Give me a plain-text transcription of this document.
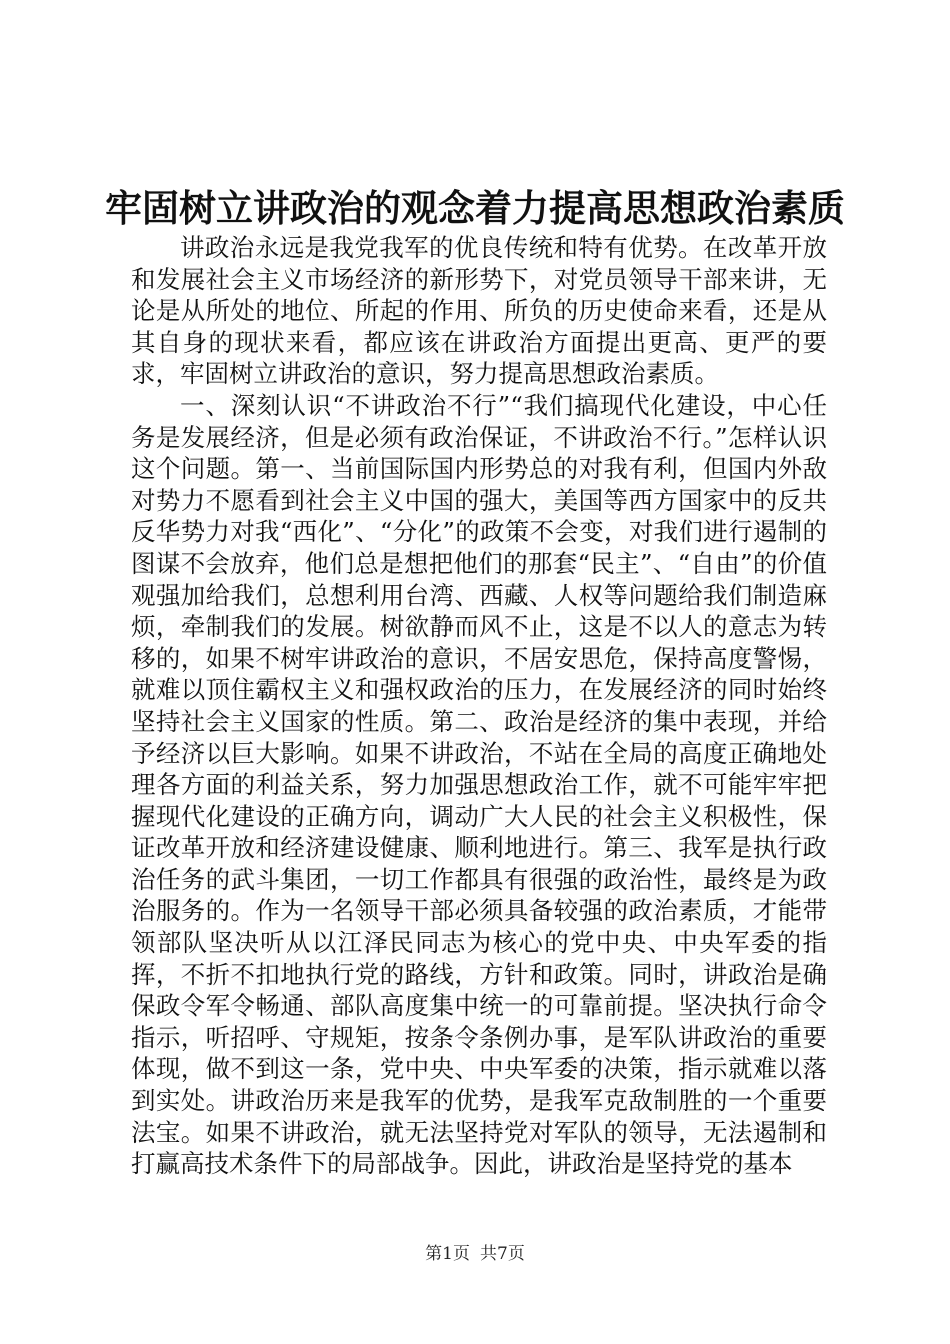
牢固树立讲政治的观念着力提高思想政治素质

讲政治永远是我党我军的优良传统和特有优势。在改革开放和发展社会主义市场经济的新形势下，对党员领导干部来讲，无论是从所处的地位、所起的作用、所负的历史使命来看，还是从其自身的现状来看，都应该在讲政治方面提出更高、更严的要求，牢固树立讲政治的意识，努力提高思想政治素质。

一、深刻认识“不讲政治不行”“我们搞现代化建设，中心任务是发展经济，但是必须有政治保证，不讲政治不行。”怎样认识这个问题。第一、当前国际国内形势总的对我有利，但国内外敌对势力不愿看到社会主义中国的强大，美国等西方国家中的反共反华势力对我“西化”、“分化”的政策不会变，对我们进行遏制的图谋不会放弃，他们总是想把他们的那套“民主”、“自由”的价值观强加给我们，总想利用台湾、西藏、人权等问题给我们制造麻烦，牵制我们的发展。树欲静而风不止，这是不以人的意志为转移的，如果不树牢讲政治的意识，不居安思危，保持高度警惕，就难以顶住霸权主义和强权政治的压力，在发展经济的同时始终坚持社会主义国家的性质。第二、政治是经济的集中表现，并给予经济以巨大影响。如果不讲政治，不站在全局的高度正确地处理各方面的利益关系，努力加强思想政治工作，就不可能牢牢把握现代化建设的正确方向，调动广大人民的社会主义积极性，保证改革开放和经济建设健康、顺利地进行。第三、我军是执行政治任务的武斗集团，一切工作都具有很强的政治性，最终是为政治服务的。作为一名领导干部必须具备较强的政治素质，才能带领部队坚决听从以江泽民同志为核心的党中央、中央军委的指挥，不折不扣地执行党的路线，方针和政策。同时，讲政治是确保政令军令畅通、部队高度集中统一的可靠前提。坚决执行命令指示，听招呼、守规矩，按条令条例办事，是军队讲政治的重要体现，做不到这一条，党中央、中央军委的决策，指示就难以落到实处。讲政治历来是我军的优势，是我军克敌制胜的一个重要法宝。如果不讲政治，就无法坚持党对军队的领导，无法遏制和打赢高技术条件下的局部战争。因此，讲政治是坚持党的基本

第1页 共7页
